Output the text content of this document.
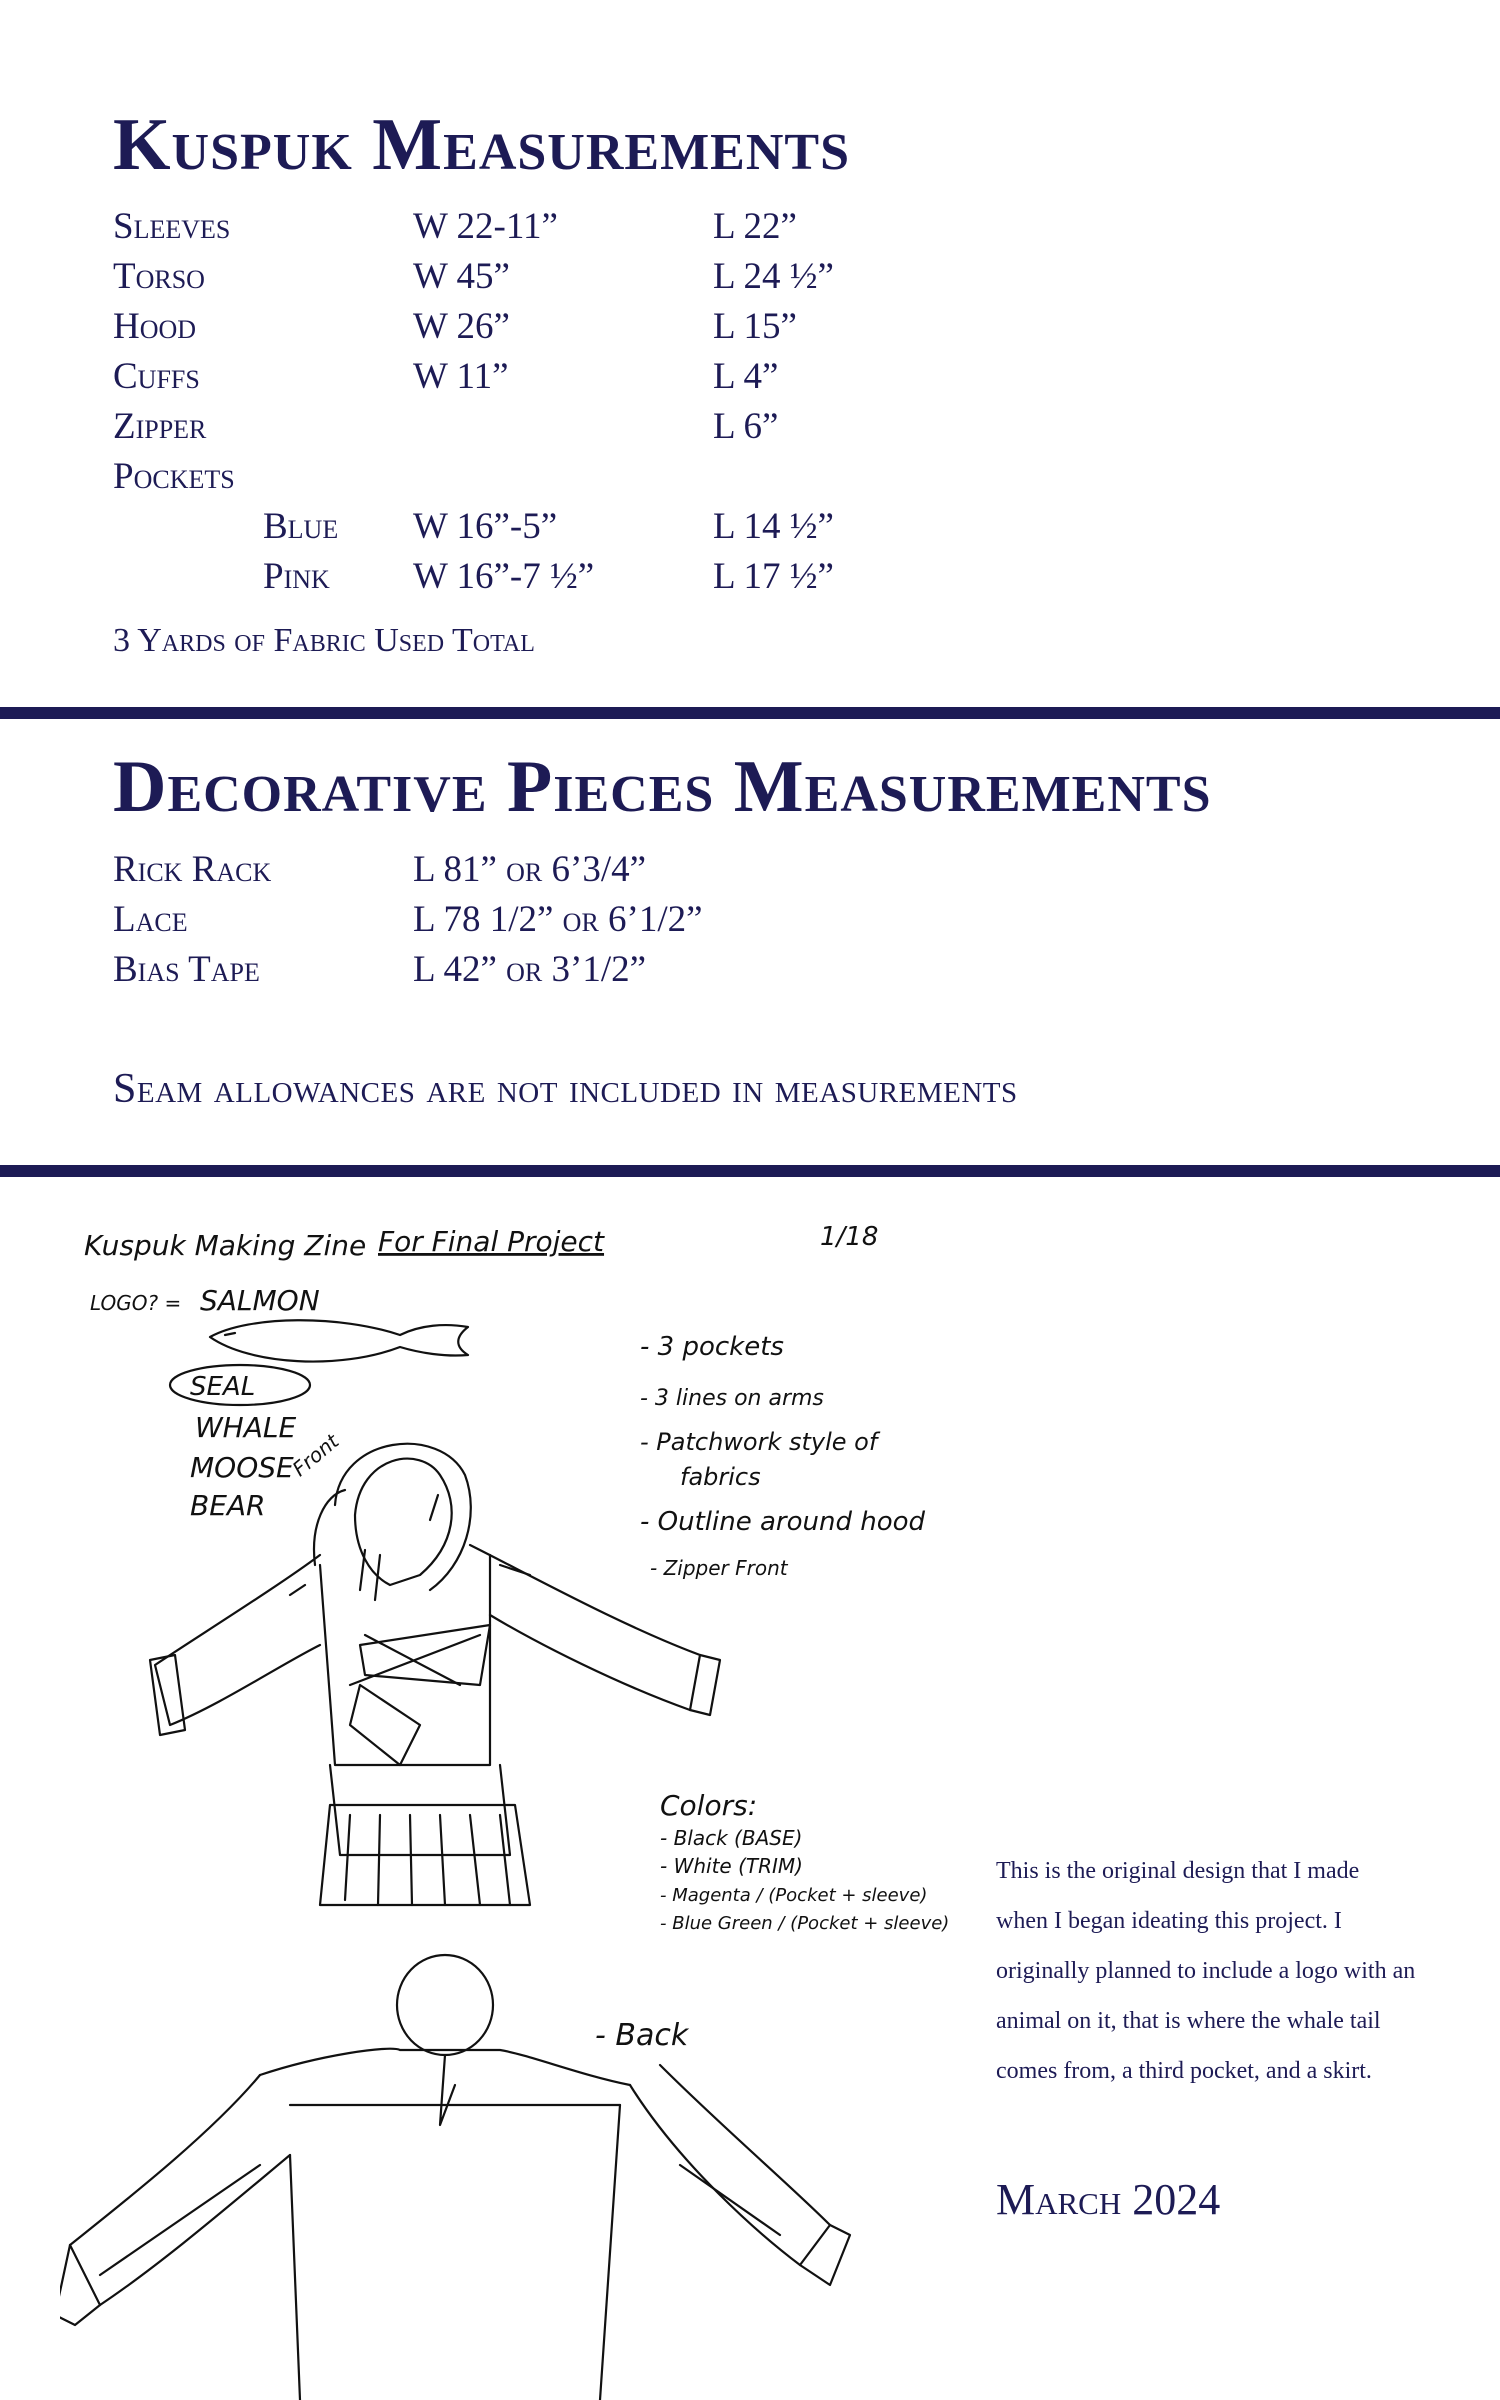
Kuspuk Measurements
Sleeves	W 22-11”	L 22”
Torso	W 45”	L 24 ½”
Hood	W 26”	L 15”
Cuffs	W 11”	L 4”
Zipper	L 6”
Pockets
Blue W 16”-5”	L 14 ½”
Pink W 16”-7 ½”	L 17 ½”
3 Yards of Fabric Used Total
Decorative Pieces Measurements
Rick Rack	L 81” or 6’3/4”
Lace	L 78 1/2” or 6’1/2”
Bias Tape	L 42” or 3’1/2”
Seam allowances are not included in measurements
Kuspuk Making Zine For Final Project	1/18
LOGO? = SALMON
SEAL
WHALE
MOOSE
BEAR
Front
- 3 pockets
- 3 lines on arms
- Patchwork style of
fabrics
- Outline around hood
- Zipper Front
Colors:
- Black (BASE)
- White (TRIM)
- Magenta / (Pocket + sleeve)
- Blue Green / (Pocket + sleeve)
- Back

This is the original design that I made when I began ideating this project. I originally planned to include a logo with an animal on it, that is where the whale tail comes from, a third pocket, and a skirt.

March 2024
